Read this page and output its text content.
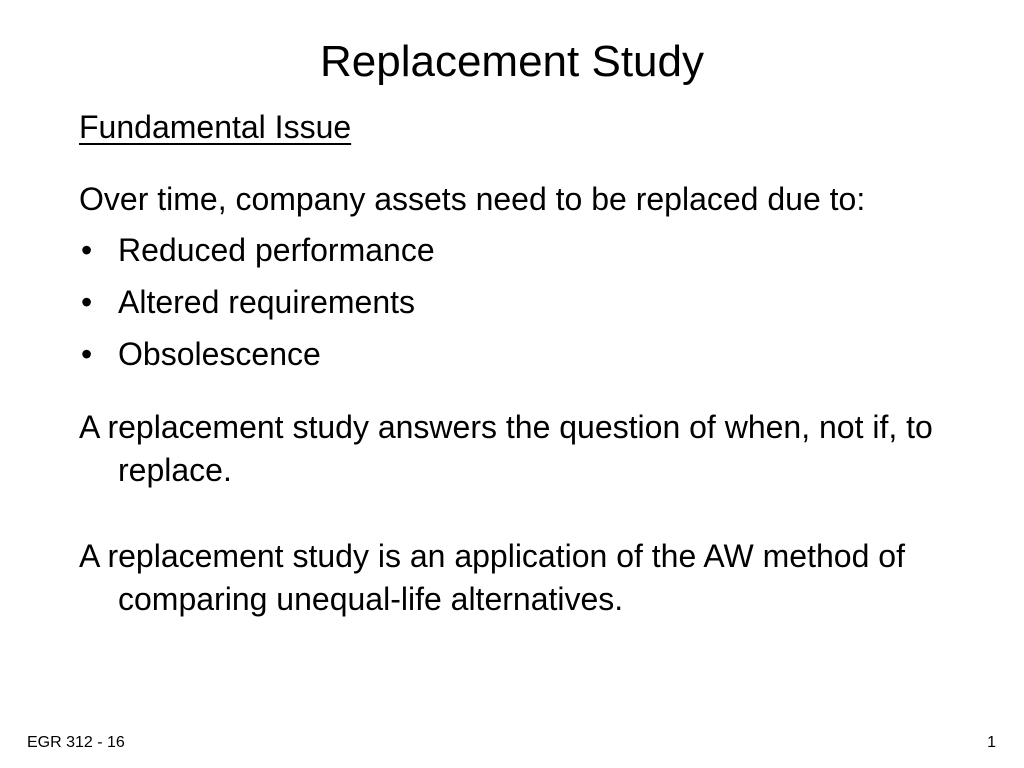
Replacement Study
Fundamental Issue

Over time, company assets need to be replaced due to:

• Reduced performance
• Altered requirements
• Obsolescence

A replacement study answers the question of when, not if, to replace.

A replacement study is an application of the AW method of comparing unequal-life alternatives.

EGR 312 - 16	1
